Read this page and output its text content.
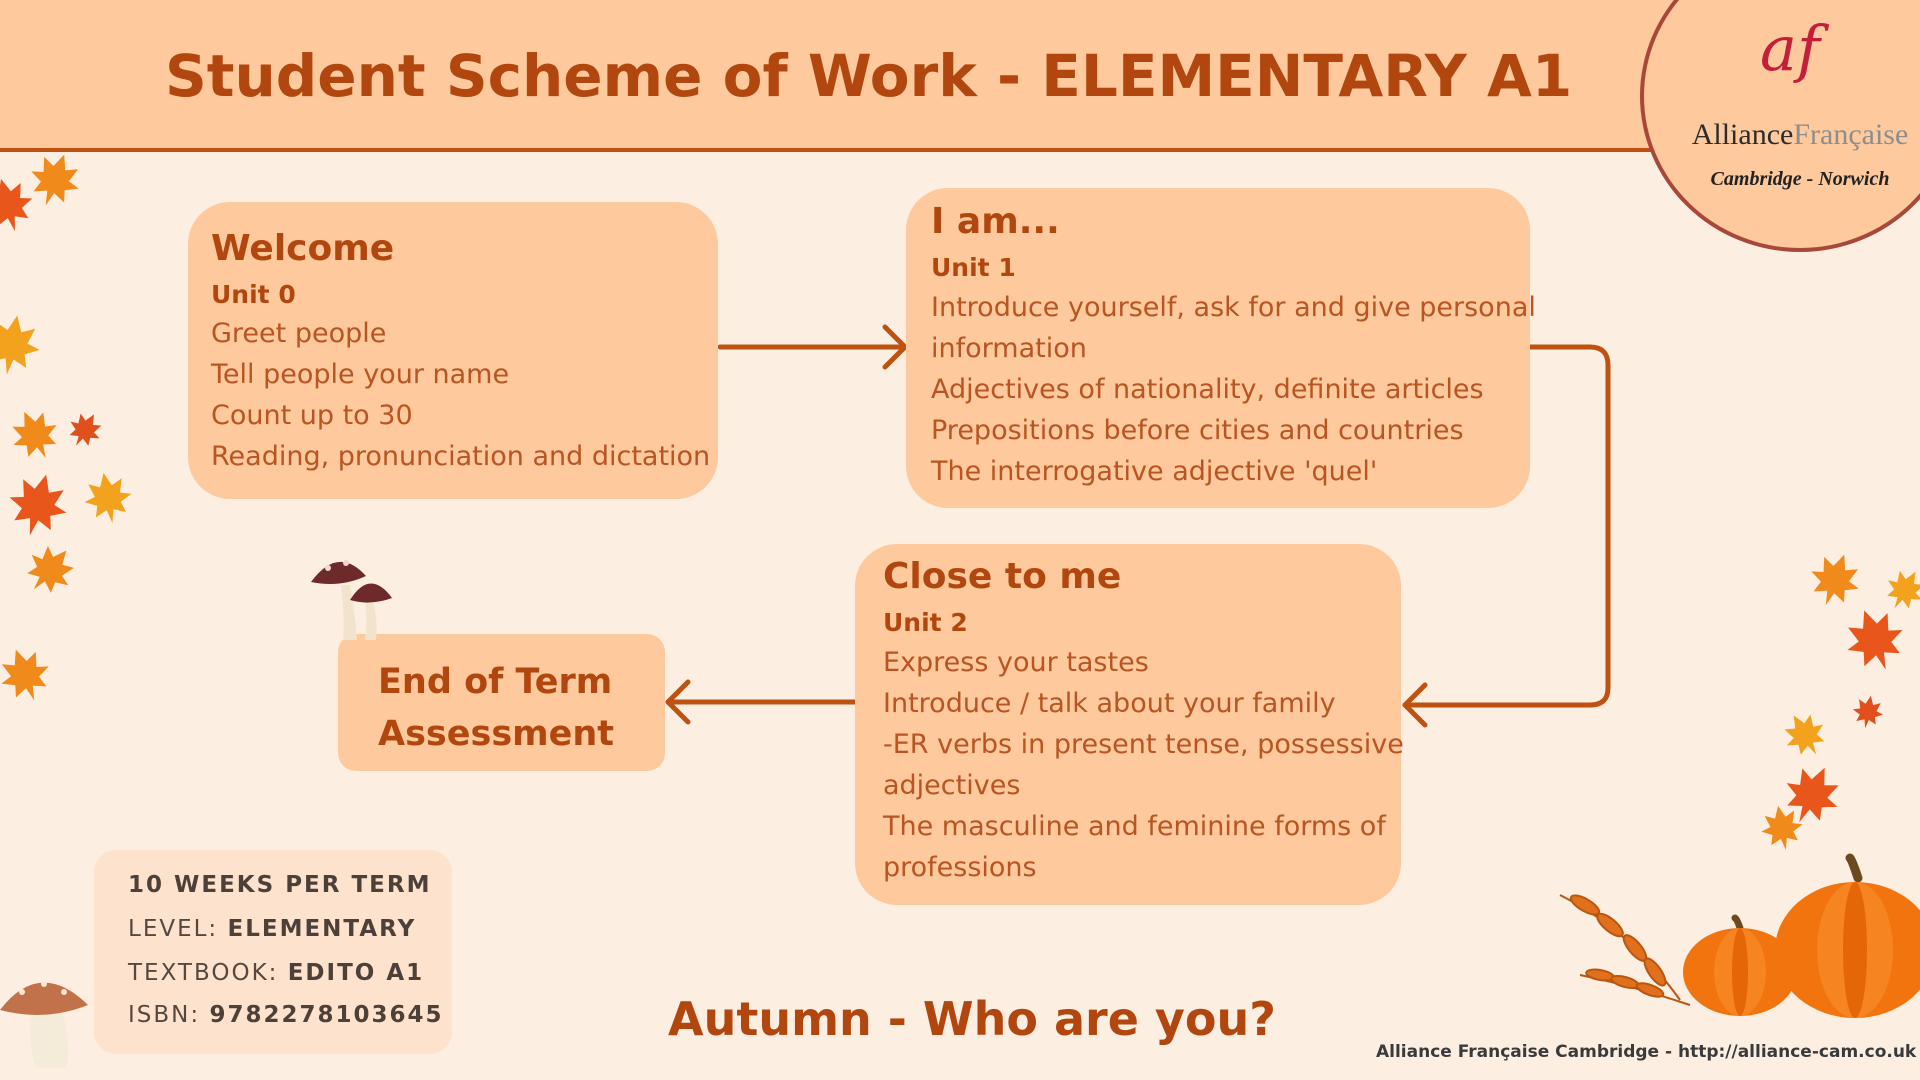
Student Scheme of Work - ELEMENTARY A1	af
AllianceFrançaise
Cambridge - Norwich
Welcome
Unit 0
Greet people
Tell people your name
Count up to 30
Reading, pronunciation and dictation
I am...
Unit 1
Introduce yourself, ask for and give personal
information
Adjectives of nationality, definite articles
Prepositions before cities and countries
The interrogative adjective 'quel'
Close to me
Unit 2
Express your tastes
Introduce / talk about your family
-ER verbs in present tense, possessive
adjectives
The masculine and feminine forms of
professions
End of Term
Assessment
10 WEEKS PER TERM
LEVEL: ELEMENTARY
TEXTBOOK: EDITO A1
ISBN: 9782278103645	Autumn - Who are you?
Alliance Française Cambridge - http://alliance-cam.co.uk
